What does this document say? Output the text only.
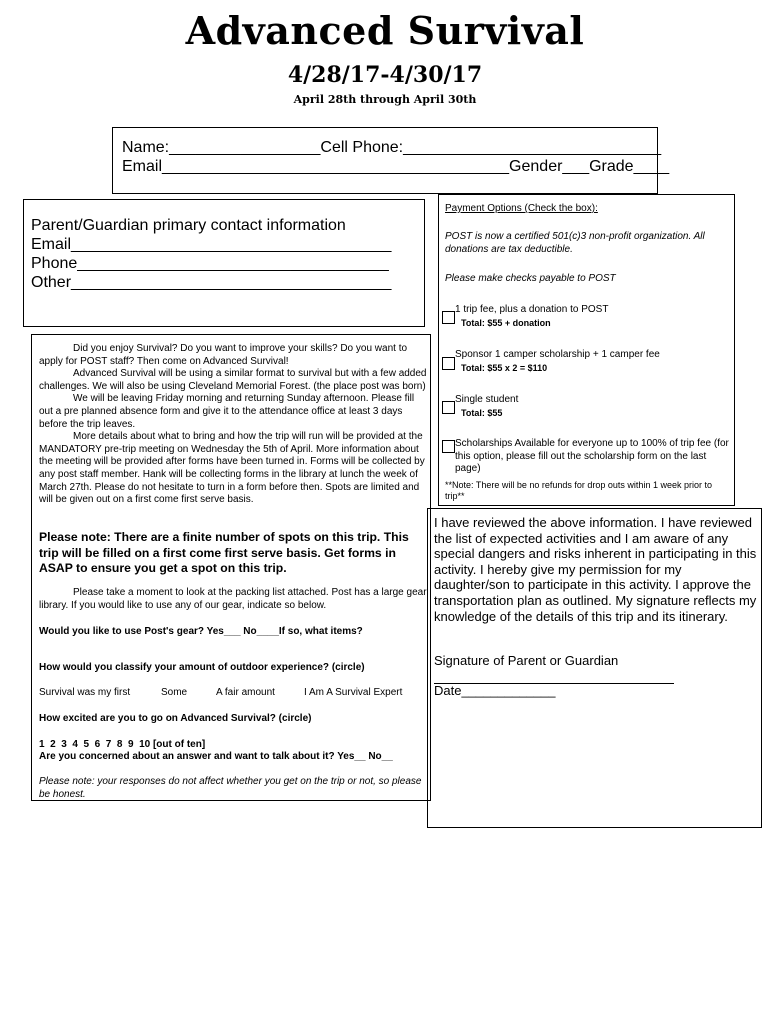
Advanced Survival
4/28/17-4/30/17
April 28th through April 30th
Name:_________________Cell Phone:_____________________________
Email_______________________________________Gender___Grade____
Parent/Guardian primary contact information
Email____________________________________
Phone___________________________________
Other____________________________________
Payment Options (Check the box):
POST is now a certified 501(c)3 non-profit organization. All donations are tax deductible.
Please make checks payable to POST
1 trip fee, plus a donation to POST
Total: $55 + donation
Sponsor 1 camper scholarship + 1 camper fee
Total: $55 x 2 = $110
Single student
Total: $55
Scholarships Available for everyone up to 100% of trip fee (for this option, please fill out the scholarship form on the last page)
**Note: There will be no refunds for drop outs within 1 week prior to trip**

Did you enjoy Survival? Do you want to improve your skills? Do you want to apply for POST staff? Then come on Advanced Survival!

Advanced Survival will be using a similar format to survival but with a few added challenges. We will also be using Cleveland Memorial Forest. (the place post was born)

We will be leaving Friday morning and returning Sunday afternoon. Please fill out a pre planned absence form and give it to the attendance office at least 3 days before the trip leaves.

More details about what to bring and how the trip will run will be provided at the MANDATORY pre-trip meeting on Wednesday the 5th of April. More information about the meeting will be provided after forms have been turned in. Forms will be collected by any post staff member. Hank will be collecting forms in the library at lunch the week of March 27th. Please do not hesitate to turn in a form before then. Spots are limited and will be given out on a first come first serve basis.

Please note: There are a finite number of spots on this trip. This trip will be filled on a first come first serve basis. Get forms in ASAP to ensure you get a spot on this trip.
Please take a moment to look at the packing list attached. Post has a large gear library. If you would like to use any of our gear, indicate so below.
Would you like to use Post's gear? Yes___ No____If so, what items?
How would you classify your amount of outdoor experience? (circle)
Survival was my first	Some	A fair amount	I Am A Survival Expert
How excited are you to go on Advanced Survival? (circle)
1  2  3  4  5  6  7  8  9  10 [out of ten]
Are you concerned about an answer and want to talk about it? Yes__ No__
Please note: your responses do not affect whether you get on the trip or not, so please be honest.
I have reviewed the above information. I have reviewed the list of expected activities and I am aware of any special dangers and risks inherent in participating in this activity. I hereby give my permission for my daughter/son to participate in this activity. I approve the transportation plan as outlined. My signature reflects my knowledge of the details of this trip and its itinerary.
Signature of Parent or Guardian
Date_____________
